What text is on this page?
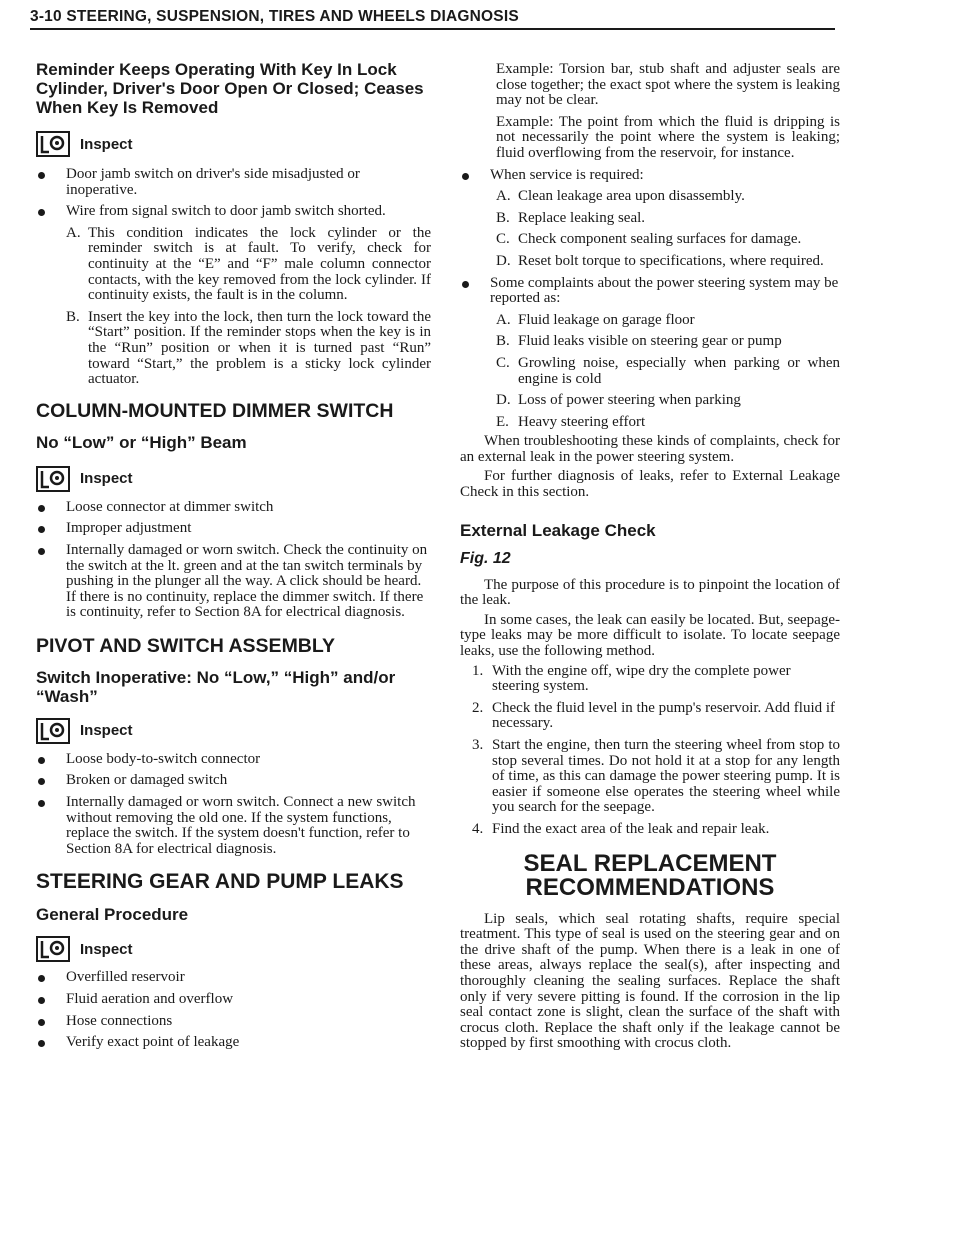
3-10 STEERING, SUSPENSION, TIRES AND WHEELS DIAGNOSIS
Reminder Keeps Operating With Key In Lock Cylinder, Driver's Door Open Or Closed; Ceases When Key Is Removed
Inspect
Door jamb switch on driver's side misadjusted or inoperative.
Wire from signal switch to door jamb switch shorted.
A. This condition indicates the lock cylinder or the reminder switch is at fault. To verify, check for continuity at the “E” and “F” male column connector contacts, with the key removed from the lock cylinder. If continuity exists, the fault is in the column.
B. Insert the key into the lock, then turn the lock toward the “Start” position. If the reminder stops when the key is in the “Run” position or when it is turned past “Run” toward “Start,” the problem is a sticky lock cylinder actuator.
COLUMN-MOUNTED DIMMER SWITCH
No “Low” or “High” Beam
Inspect
Loose connector at dimmer switch
Improper adjustment
Internally damaged or worn switch. Check the continuity on the switch at the lt. green and at the tan switch terminals by pushing in the plunger all the way. A click should be heard. If there is no continuity, replace the dimmer switch. If there is continuity, refer to Section 8A for electrical diagnosis.
PIVOT AND SWITCH ASSEMBLY
Switch Inoperative: No “Low,” “High” and/or “Wash”
Inspect
Loose body-to-switch connector
Broken or damaged switch
Internally damaged or worn switch. Connect a new switch without removing the old one. If the system functions, replace the switch. If the system doesn't function, refer to Section 8A for electrical diagnosis.
STEERING GEAR AND PUMP LEAKS
General Procedure
Inspect
Overfilled reservoir
Fluid aeration and overflow
Hose connections
Verify exact point of leakage
Example: Torsion bar, stub shaft and adjuster seals are close together; the exact spot where the system is leaking may not be clear.
Example: The point from which the fluid is dripping is not necessarily the point where the system is leaking; fluid overflowing from the reservoir, for instance.
When service is required:
A. Clean leakage area upon disassembly.
B. Replace leaking seal.
C. Check component sealing surfaces for damage.
D. Reset bolt torque to specifications, where required.
Some complaints about the power steering system may be reported as:
A. Fluid leakage on garage floor
B. Fluid leaks visible on steering gear or pump
C. Growling noise, especially when parking or when engine is cold
D. Loss of power steering when parking
E. Heavy steering effort
When troubleshooting these kinds of complaints, check for an external leak in the power steering system.
For further diagnosis of leaks, refer to External Leakage Check in this section.
External Leakage Check
Fig. 12
The purpose of this procedure is to pinpoint the location of the leak.
In some cases, the leak can easily be located. But, seepage-type leaks may be more difficult to isolate. To locate seepage leaks, use the following method.
1. With the engine off, wipe dry the complete power steering system.
2. Check the fluid level in the pump's reservoir. Add fluid if necessary.
3. Start the engine, then turn the steering wheel from stop to stop several times. Do not hold it at a stop for any length of time, as this can damage the power steering pump. It is easier if someone else operates the steering wheel while you search for the seepage.
4. Find the exact area of the leak and repair leak.
SEAL REPLACEMENT
RECOMMENDATIONS
Lip seals, which seal rotating shafts, require special treatment. This type of seal is used on the steering gear and on the drive shaft of the pump. When there is a leak in one of these areas, always replace the seal(s), after inspecting and thoroughly cleaning the sealing surfaces. Replace the shaft only if very severe pitting is found. If the corrosion in the lip seal contact zone is slight, clean the surface of the shaft with crocus cloth. Replace the shaft only if the leakage cannot be stopped by first smoothing with crocus cloth.
